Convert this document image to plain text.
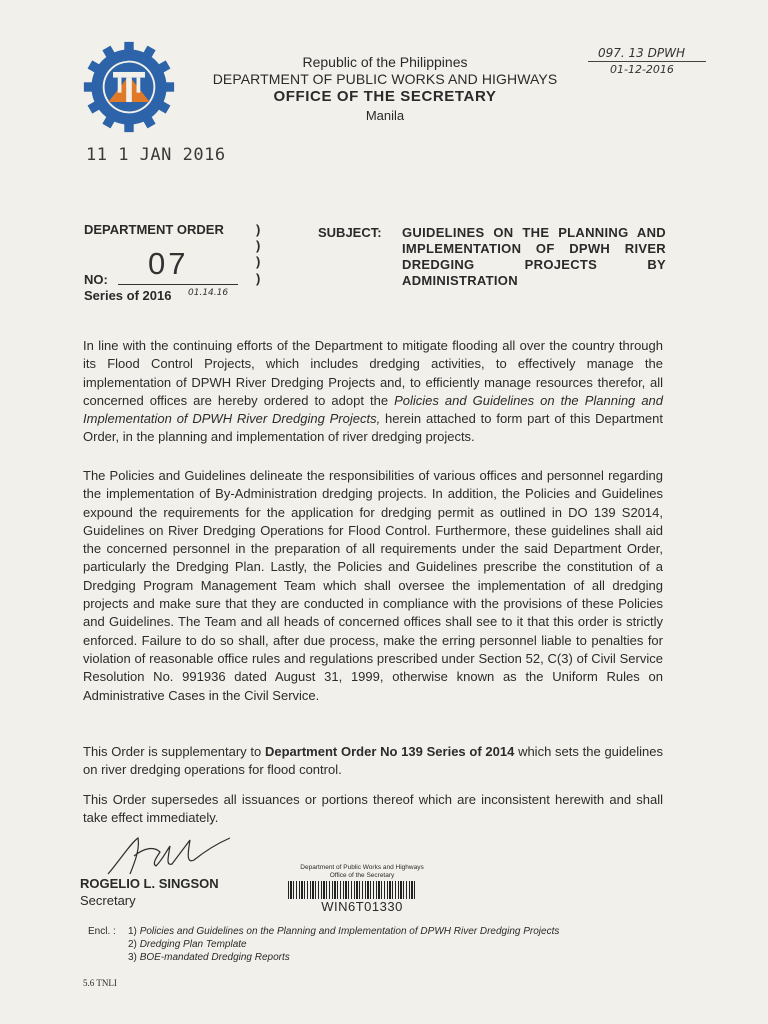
Republic of the Philippines
DEPARTMENT OF PUBLIC WORKS AND HIGHWAYS
OFFICE OF THE SECRETARY
Manila
097. 13 DPWH
01-12-2016
11 1 JAN 2016
DEPARTMENT ORDER )
)
)
)
NO: 07
Series of 2016 01.14.16
SUBJECT: GUIDELINES ON THE PLANNING AND IMPLEMENTATION OF DPWH RIVER DREDGING PROJECTS BY ADMINISTRATION
In line with the continuing efforts of the Department to mitigate flooding all over the country through its Flood Control Projects, which includes dredging activities, to effectively manage the implementation of DPWH River Dredging Projects and, to efficiently manage resources therefor, all concerned offices are hereby ordered to adopt the Policies and Guidelines on the Planning and Implementation of DPWH River Dredging Projects, herein attached to form part of this Department Order, in the planning and implementation of river dredging projects.
The Policies and Guidelines delineate the responsibilities of various offices and personnel regarding the implementation of By-Administration dredging projects. In addition, the Policies and Guidelines expound the requirements for the application for dredging permit as outlined in DO 139 S2014, Guidelines on River Dredging Operations for Flood Control. Furthermore, these guidelines shall aid the concerned personnel in the preparation of all requirements under the said Department Order, particularly the Dredging Plan. Lastly, the Policies and Guidelines prescribe the constitution of a Dredging Program Management Team which shall oversee the implementation of all dredging projects and make sure that they are conducted in compliance with the provisions of these Policies and Guidelines. The Team and all heads of concerned offices shall see to it that this order is strictly enforced. Failure to do so shall, after due process, make the erring personnel liable to penalties for violation of reasonable office rules and regulations prescribed under Section 52, C(3) of Civil Service Resolution No. 991936 dated August 31, 1999, otherwise known as the Uniform Rules on Administrative Cases in the Civil Service.
This Order is supplementary to Department Order No 139 Series of 2014 which sets the guidelines on river dredging operations for flood control.
This Order supersedes all issuances or portions thereof which are inconsistent herewith and shall take effect immediately.
ROGELIO L. SINGSON
Secretary
Department of Public Works and Highways
Office of the Secretary
WIN6T01330
Encl. : 1) Policies and Guidelines on the Planning and Implementation of DPWH River Dredging Projects
2) Dredging Plan Template
3) BOE-mandated Dredging Reports
5.6 TNLI
